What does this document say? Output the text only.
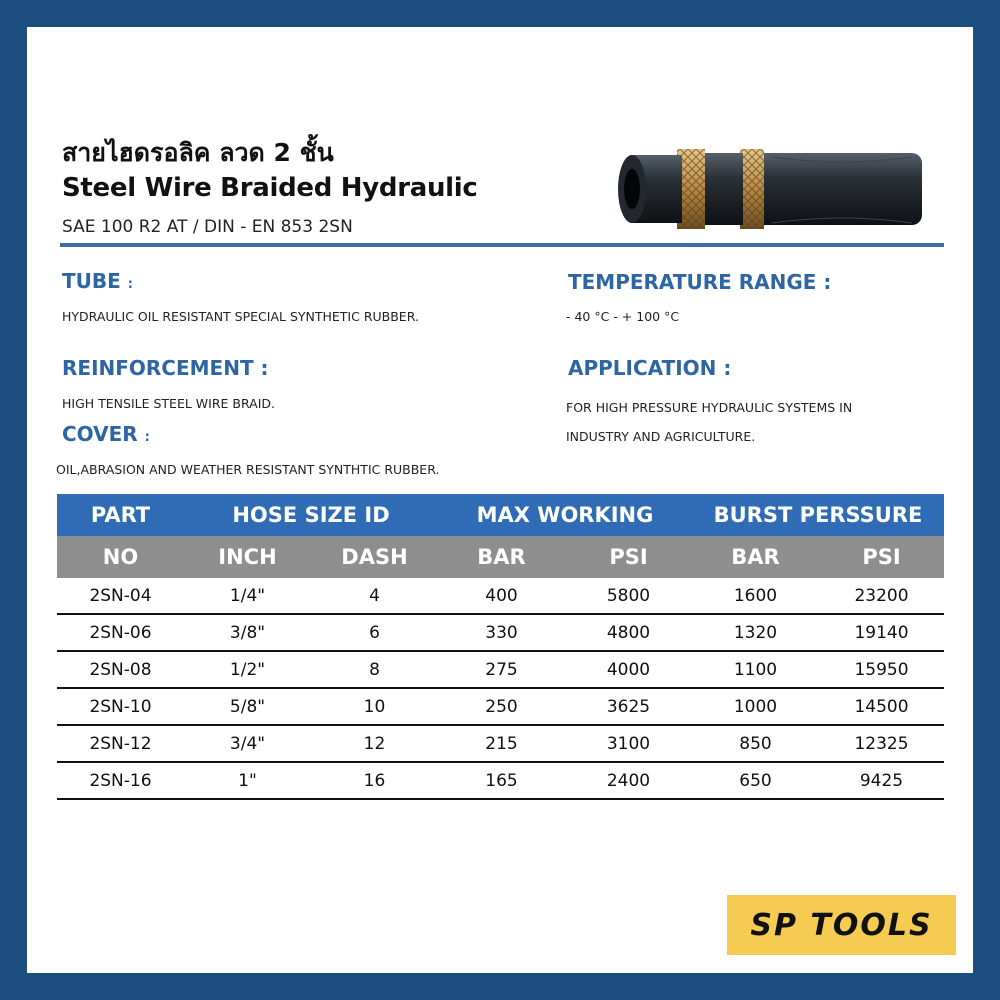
สายไฮดรอลิค ลวด 2 ชั้น
Steel Wire Braided Hydraulic
SAE 100 R2 AT / DIN - EN 853 2SN
TUBE :
HYDRAULIC OIL RESISTANT SPECIAL SYNTHETIC RUBBER.
REINFORCEMENT :
HIGH TENSILE STEEL WIRE BRAID.
COVER :
OIL,ABRASION AND WEATHER RESISTANT SYNTHTIC RUBBER.
TEMPERATURE RANGE :
- 40 °C - + 100 °C
APPLICATION :
FOR HIGH PRESSURE HYDRAULIC SYSTEMS IN
INDUSTRY AND AGRICULTURE.
PART	HOSE SIZE ID		MAX WORKING		BURST PERSSURE	
NO	INCH	DASH	BAR	PSI	BAR	PSI
2SN-04	1/4"	4	400	5800	1600	23200
2SN-06	3/8"	6	330	4800	1320	19140
2SN-08	1/2"	8	275	4000	1100	15950
2SN-10	5/8"	10	250	3625	1000	14500
2SN-12	3/4"	12	215	3100	850	12325
2SN-16	1"	16	165	2400	650	9425
SP TOOLS
